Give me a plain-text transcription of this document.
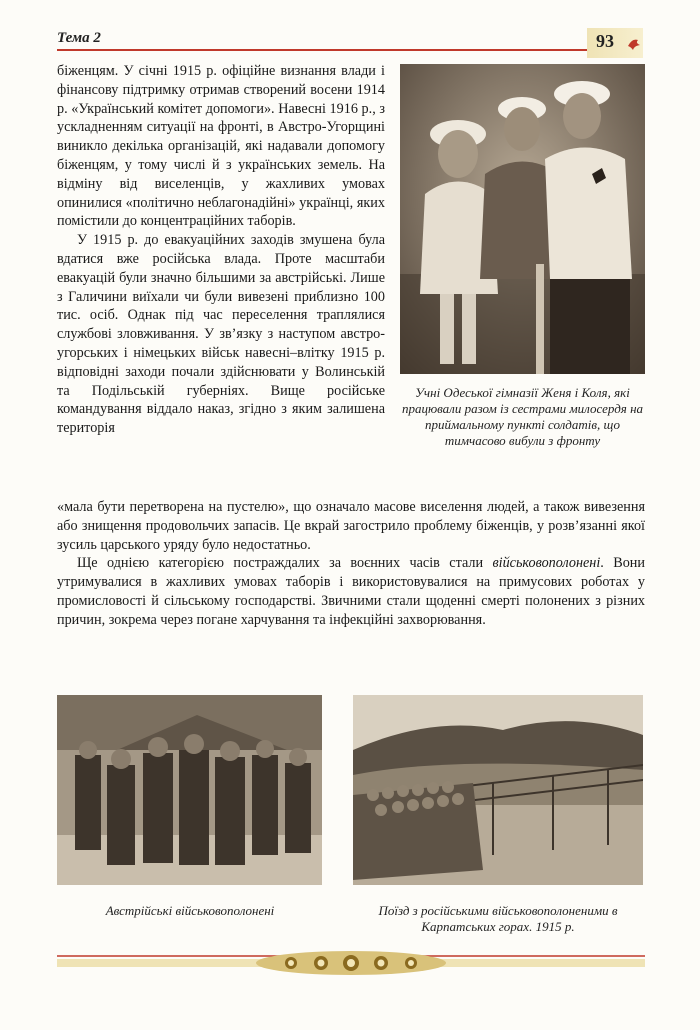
Тема 2	93

біженцям. У січні 1915 р. офіційне визнання влади і фінансову підтримку отримав створений восени 1914 р. «Український комітет допомоги». Навесні 1916 р., з ускладненням ситуації на фронті, в Австро-Угорщині виникло декілька організацій, які надавали допомогу біженцям, у тому числі й з українських земель. На відміну від виселенців, у жахливих умовах опинилися «політично неблагонадійні» українці, яких помістили до концентраційних таборів.

У 1915 р. до евакуаційних заходів змушена була вдатися вже російська влада. Проте масштаби евакуацій були значно більшими за австрійські. Лише з Галичини виїхали чи були вивезені приблизно 100 тис. осіб. Однак під час переселення траплялися службові зловживання. У зв’язку з наступом австро-угорських і німецьких військ навесні–влітку 1915 р. відповідні заходи почали здійснювати у Волинській та Подільській губерніях. Вище російське командування віддало наказ, згідно з яким залишена територія

Учні Одеської гімназії Женя і Коля, які працювали разом із сестрами милосердя на приймальному пункті солдатів, що тимчасово вибули з фронту

«мала бути перетворена на пустелю», що означало масове виселення людей, а також вивезення або знищення продовольчих запасів. Це вкрай загострило проблему біженців, у розв’язанні якої зусиль царського уряду було недостатньо.

Ще однією категорією постраждалих за воєнних часів стали військовополонені. Вони утримувалися в жахливих умовах таборів і використовувалися на примусових роботах у промисловості й сільському господарстві. Звичними стали щоденні смерті полонених з різних причин, зокрема через погане харчування та інфекційні захворювання.

Австрійські військовополонені	Поїзд з російськими військовополоненими в Карпатських горах. 1915 р.
